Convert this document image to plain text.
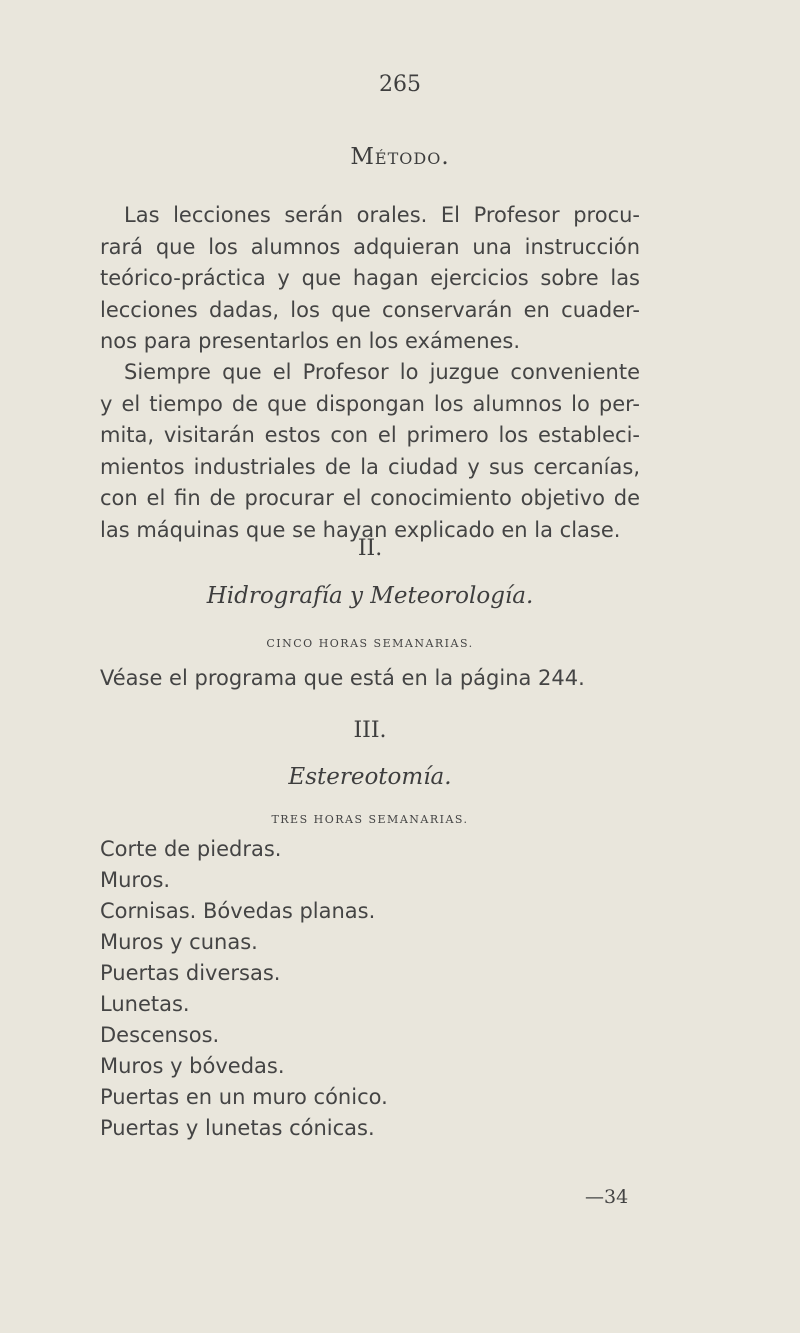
265
Método.
Las lecciones serán orales. El Profesor procu-
rará que los alumnos adquieran una instrucción
teórico-práctica y que hagan ejercicios sobre las
lecciones dadas, los que conservarán en cuader-
nos para presentarlos en los exámenes.
Siempre que el Profesor lo juzgue conveniente
y el tiempo de que dispongan los alumnos lo per-
mita, visitarán estos con el primero los estableci-
mientos industriales de la ciudad y sus cercanías,
con el fin de procurar el conocimiento objetivo de
las máquinas que se hayan explicado en la clase.
II.
Hidrografía y Meteorología.
CINCO HORAS SEMANARIAS.
Véase el programa que está en la página 244.
III.
Estereotomía.
TRES HORAS SEMANARIAS.
Corte de piedras.
Muros.
Cornisas. Bóvedas planas.
Muros y cunas.
Puertas diversas.
Lunetas.
Descensos.
Muros y bóvedas.
Puertas en un muro cónico.
Puertas y lunetas cónicas.
—34
